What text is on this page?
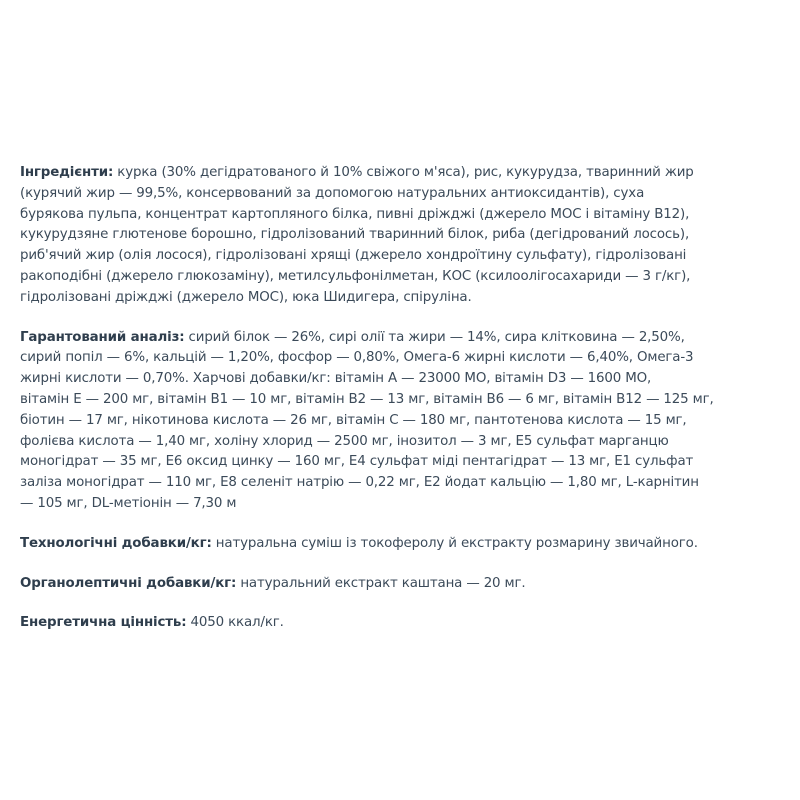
Інгредієнти: курка (30% дегідратованого й 10% свіжого м'яса), рис, кукурудза, тваринний жир
(курячий жир — 99,5%, консервований за допомогою натуральних антиоксидантів), суха
бурякова пульпа, концентрат картопляного білка, пивні дріжджі (джерело МОС і вітаміну В12),
кукурудзяне глютенове борошно, гідролізований тваринний білок, риба (дегідрований лосось),
риб'ячий жир (олія лосося), гідролізовані хрящі (джерело хондроїтину сульфату), гідролізовані
ракоподібні (джерело глюкозаміну), метилсульфонілметан, КОС (ксилоолігосахариди — 3 г/кг),
гідролізовані дріжджі (джерело МОС), юка Шидигера, спіруліна.

Гарантований аналіз: сирий білок — 26%, сирі олії та жири — 14%, сира клітковина — 2,50%,
сирий попіл — 6%, кальцій — 1,20%, фосфор — 0,80%, Омега-6 жирні кислоти — 6,40%, Омега-3
жирні кислоти — 0,70%. Харчові добавки/кг: вітамін А — 23000 МО, вітамін D3 — 1600 МО,
вітамін Е — 200 мг, вітамін В1 — 10 мг, вітамін В2 — 13 мг, вітамін В6 — 6 мг, вітамін В12 — 125 мг,
біотин — 17 мг, нікотинова кислота — 26 мг, вітамін С — 180 мг, пантотенова кислота — 15 мг,
фолієва кислота — 1,40 мг, холіну хлорид — 2500 мг, інозитол — 3 мг, Е5 сульфат марганцю
моногідрат — 35 мг, Е6 оксид цинку — 160 мг, Е4 сульфат міді пентагідрат — 13 мг, Е1 сульфат
заліза моногідрат — 110 мг, Е8 селеніт натрію — 0,22 мг, Е2 йодат кальцію — 1,80 мг, L-карнітин
— 105 мг, DL-метіонін — 7,30 м

Технологічні добавки/кг: натуральна суміш із токоферолу й екстракту розмарину звичайного.

Органолептичні добавки/кг: натуральний екстракт каштана — 20 мг.

Енергетична цінність: 4050 ккал/кг.
